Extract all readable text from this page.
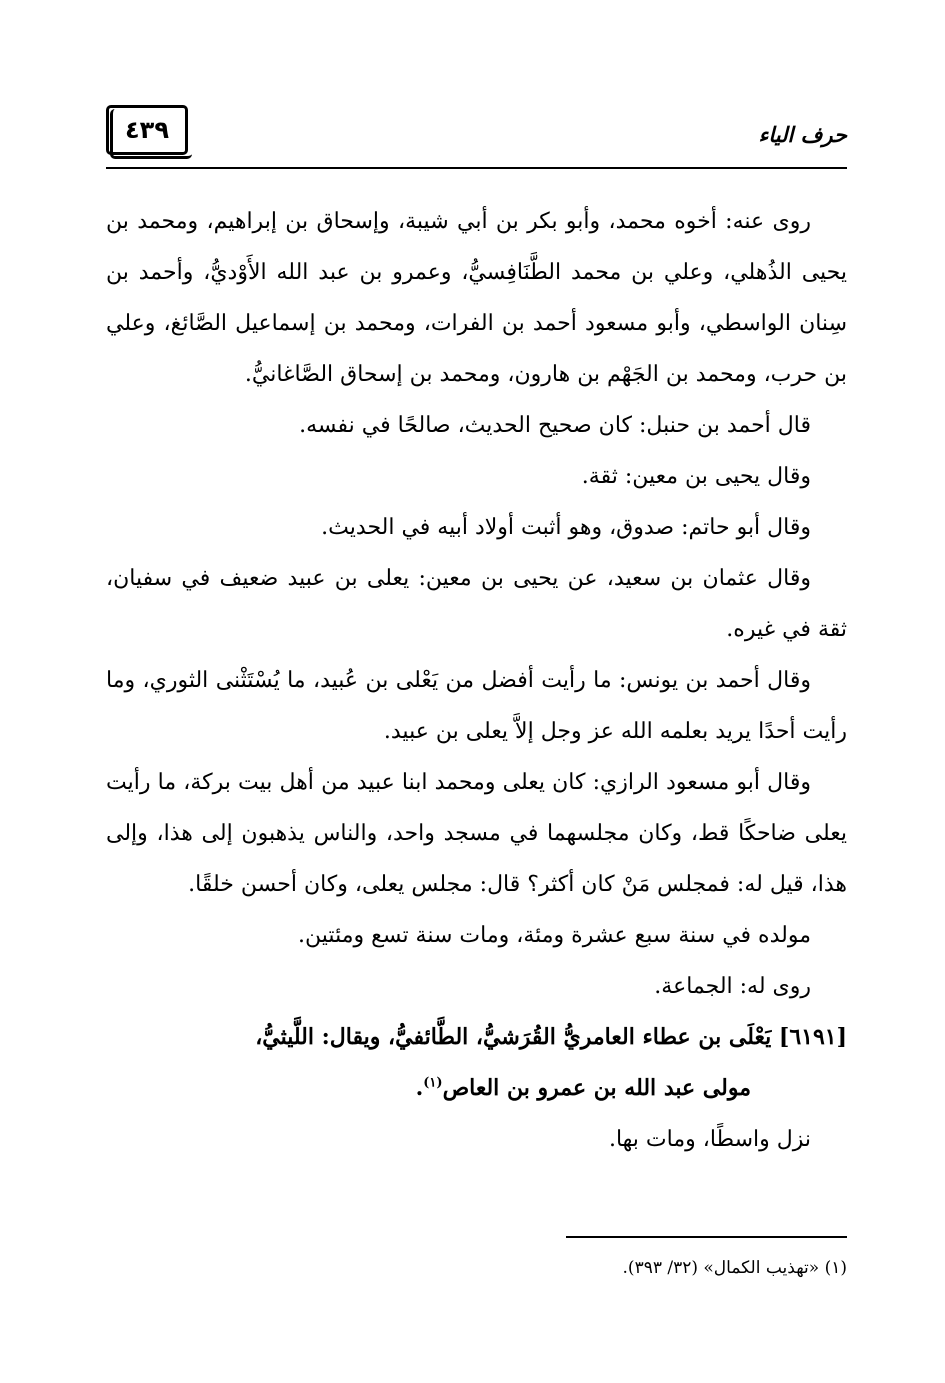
٤٣٩	حرف الياء

روى عنه: أخوه محمد، وأبو بكر بن أبي شيبة، وإسحاق بن إبراهيم، ومحمد بن يحيى الذُهلي، وعلي بن محمد الطَّنَافِسيُّ، وعمرو بن عبد الله الأَوْديُّ، وأحمد بن سِنان الواسطي، وأبو مسعود أحمد بن الفرات، ومحمد بن إسماعيل الصَّائغ، وعلي بن حرب، ومحمد بن الجَهْم بن هارون، ومحمد بن إسحاق الصَّاغانيُّ.

قال أحمد بن حنبل: كان صحيح الحديث، صالحًا في نفسه.

وقال يحيى بن معين: ثقة.

وقال أبو حاتم: صدوق، وهو أثبت أولاد أبيه في الحديث.

وقال عثمان بن سعيد، عن يحيى بن معين: يعلى بن عبيد ضعيف في سفيان، ثقة في غيره.

وقال أحمد بن يونس: ما رأيت أفضل من يَعْلى بن عُبيد، ما يُسْتَثْنى الثوري، وما رأيت أحدًا يريد بعلمه الله عز وجل إلاَّ يعلى بن عبيد.

وقال أبو مسعود الرازي: كان يعلى ومحمد ابنا عبيد من أهل بيت بركة، ما رأيت يعلى ضاحكًا قط، وكان مجلسهما في مسجد واحد، والناس يذهبون إلى هذا، وإلى هذا، قيل له: فمجلس مَنْ كان أكثر؟ قال: مجلس يعلى، وكان أحسن خلقًا.

مولده في سنة سبع عشرة ومئة، ومات سنة تسع ومئتين.

روى له: الجماعة.

[٦١٩١] يَعْلَى بن عطاء العامريُّ القُرَشيُّ، الطَّائفيُّ، ويقال: اللَّيثيُّ،
مولى عبد الله بن عمرو بن العاص$^{(١)}$.

نزل واسطًا، ومات بها.

(١) «تهذيب الكمال» (٣٢/ ٣٩٣).
